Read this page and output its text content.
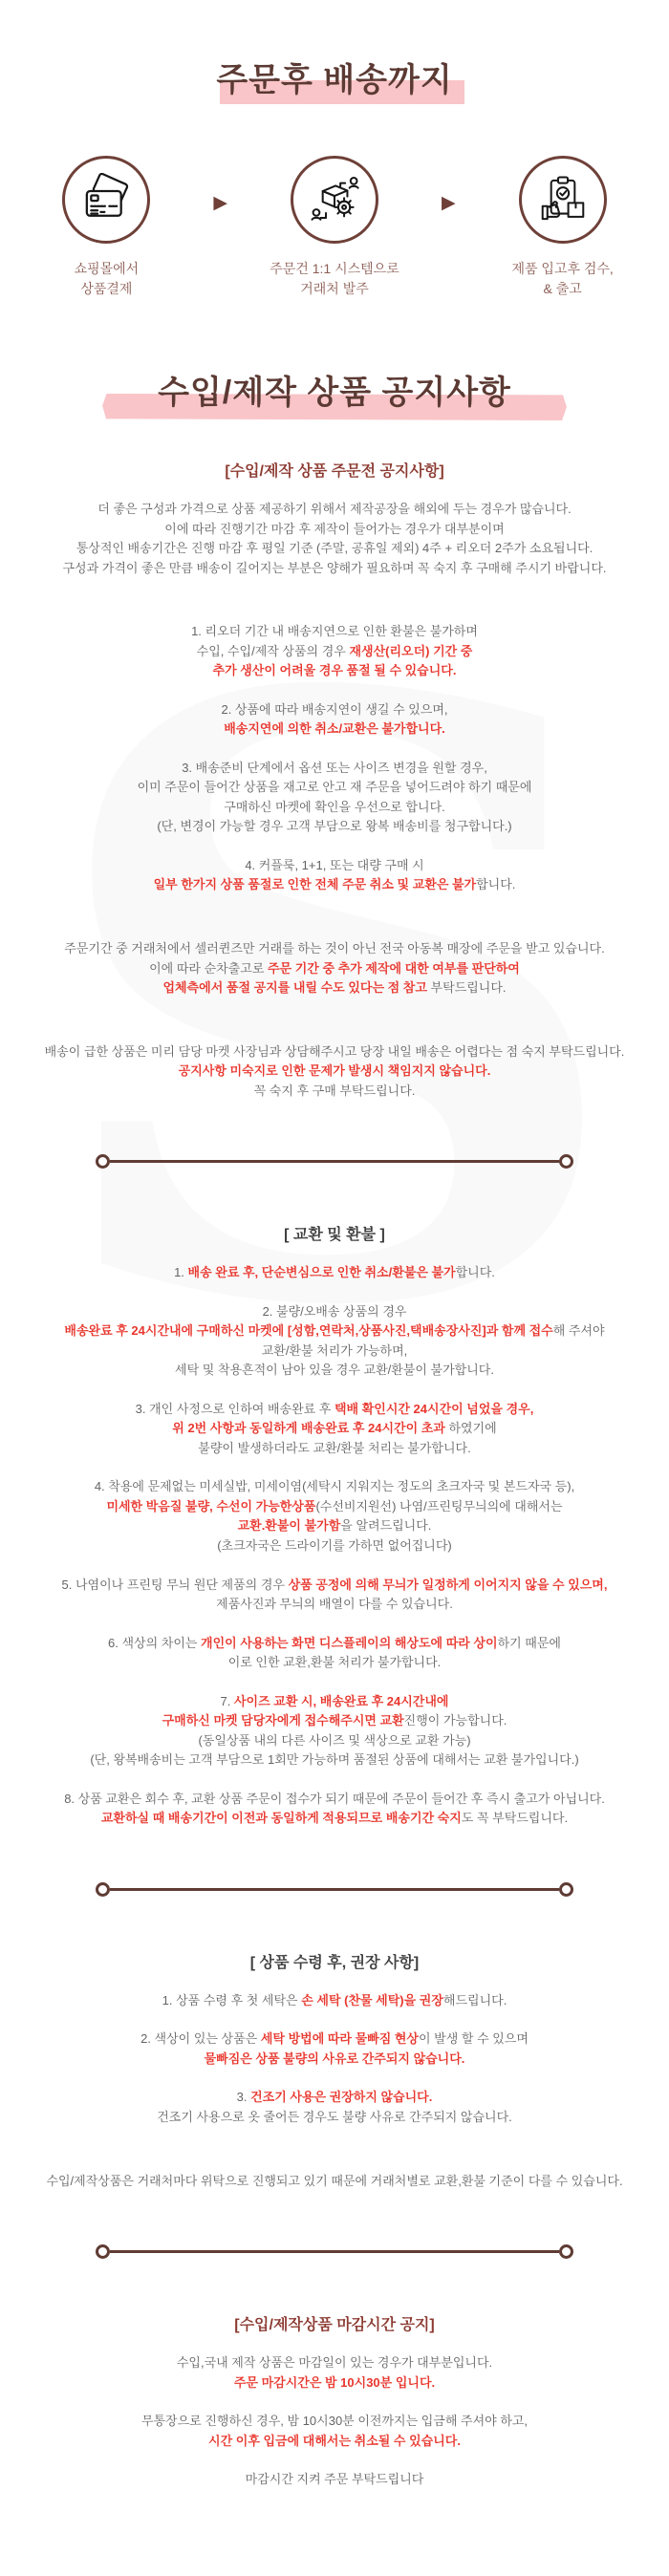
주문후 배송까지
쇼핑몰에서
상품결제
▶
주문건 1:1 시스템으로
거래처 발주
▶
제품 입고후 검수,
& 출고
수입/제작 상품 공지사항
[수입/제작 상품 주문전 공지사항]

더 좋은 구성과 가격으로 상품 제공하기 위해서 제작공장을 해외에 두는 경우가 많습니다.
이에 따라 진행기간 마감 후 제작이 들어가는 경우가 대부분이며
통상적인 배송기간은 진행 마감 후 평일 기준 (주말, 공휴일 제외) 4주 + 리오더 2주가 소요됩니다.
구성과 가격이 좋은 만큼 배송이 길어지는 부분은 양해가 필요하며 꼭 숙지 후 구매해 주시기 바랍니다.

1. 리오더 기간 내 배송지연으로 인한 환불은 불가하며
수입, 수입/제작 상품의 경우 재생산(리오더) 기간 중
추가 생산이 어려울 경우 품절 될 수 있습니다.

2. 상품에 따라 배송지연이 생길 수 있으며,
배송지연에 의한 취소/교환은 불가합니다.

3. 배송준비 단계에서 옵션 또는 사이즈 변경을 원할 경우,
이미 주문이 들어간 상품을 재고로 안고 재 주문을 넣어드려야 하기 때문에
구매하신 마켓에 확인을 우선으로 합니다.
(단, 변경이 가능할 경우 고객 부담으로 왕복 배송비를 청구합니다.)

4. 커플룩, 1+1, 또는 대량 구매 시
일부 한가지 상품 품절로 인한 전체 주문 취소 및 교환은 불가합니다.

주문기간 중 거래처에서 셀러퀸즈만 거래를 하는 것이 아닌 전국 아동복 매장에 주문을 받고 있습니다.
이에 따라 순차출고로 주문 기간 중 추가 제작에 대한 여부를 판단하여
업체측에서 품절 공지를 내릴 수도 있다는 점 참고 부탁드립니다.

배송이 급한 상품은 미리 담당 마켓 사장님과 상담해주시고 당장 내일 배송은 어렵다는 점 숙지 부탁드립니다.
공지사항 미숙지로 인한 문제가 발생시 책임지지 않습니다.
꼭 숙지 후 구매 부탁드립니다.

[ 교환 및 환불 ]

1. 배송 완료 후, 단순변심으로 인한 취소/환불은 불가합니다.

2. 불량/오배송 상품의 경우
배송완료 후 24시간내에 구매하신 마켓에 [성함,연락처,상품사진,택배송장사진]과 함께 접수해 주셔야
교환/환불 처리가 가능하며,
세탁 및 착용흔적이 남아 있을 경우 교환/환불이 불가합니다.

3. 개인 사정으로 인하여 배송완료 후 택배 확인시간 24시간이 넘었을 경우,
위 2번 사항과 동일하게 배송완료 후 24시간이 초과 하였기에
불량이 발생하더라도 교환/환불 처리는 불가합니다.

4. 착용에 문제없는 미세실밥, 미세이염(세탁시 지워지는 정도의 초크자국 및 본드자국 등),
미세한 박음질 불량, 수선이 가능한상품(수선비지원선) 나염/프린팅무늬의에 대해서는
교환.환불이 불가함을 알려드립니다.
(초크자국은 드라이기를 가하면 없어집니다)

5. 나염이나 프린팅 무늬 원단 제품의 경우 상품 공정에 의해 무늬가 일정하게 이어지지 않을 수 있으며,
제품사진과 무늬의 배열이 다를 수 있습니다.

6. 색상의 차이는 개인이 사용하는 화면 디스플레이의 해상도에 따라 상이하기 때문에
이로 인한 교환,환불 처리가 불가합니다.

7. 사이즈 교환 시, 배송완료 후 24시간내에
구매하신 마켓 담당자에게 접수해주시면 교환진행이 가능합니다.
(동일상품 내의 다른 사이즈 및 색상으로 교환 가능)
(단, 왕복배송비는 고객 부담으로 1회만 가능하며 품절된 상품에 대해서는 교환 불가입니다.)

8. 상품 교환은 회수 후, 교환 상품 주문이 접수가 되기 때문에 주문이 들어간 후 즉시 출고가 아닙니다.
교환하실 때 배송기간이 이전과 동일하게 적용되므로 배송기간 숙지도 꼭 부탁드립니다.

[ 상품 수령 후, 권장 사항]

1. 상품 수령 후 첫 세탁은 손 세탁 (찬물 세탁)을 권장해드립니다.

2. 색상이 있는 상품은 세탁 방법에 따라 물빠짐 현상이 발생 할 수 있으며
물빠짐은 상품 불량의 사유로 간주되지 않습니다.

3. 건조기 사용은 권장하지 않습니다.
건조기 사용으로 옷 줄어든 경우도 불량 사유로 간주되지 않습니다.

수입/제작상품은 거래처마다 위탁으로 진행되고 있기 때문에 거래처별로 교환,환불 기준이 다를 수 있습니다.

[수입/제작상품 마감시간 공지]

수입,국내 제작 상품은 마감일이 있는 경우가 대부분입니다.
주문 마감시간은 밤 10시30분 입니다.

무통장으로 진행하신 경우, 밤 10시30분 이전까지는 입금해 주셔야 하고,
시간 이후 입금에 대해서는 취소될 수 있습니다.

마감시간 지켜 주문 부탁드립니다
